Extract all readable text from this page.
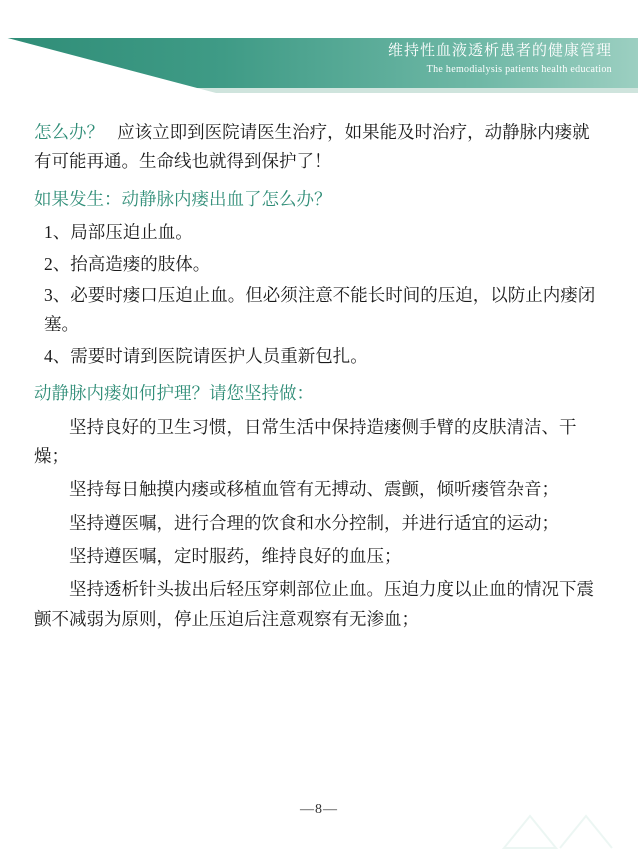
维持性血液透析患者的健康管理
The hemodialysis patients health education

怎么办？ 应该立即到医院请医生治疗，如果能及时治疗，动静脉内瘘就有可能再通。生命线也就得到保护了！

如果发生：动静脉内瘘出血了怎么办？

1、局部压迫止血。

2、抬高造瘘的肢体。

3、必要时瘘口压迫止血。但必须注意不能长时间的压迫，以防止内瘘闭塞。

4、需要时请到医院请医护人员重新包扎。

动静脉内瘘如何护理？请您坚持做：

坚持良好的卫生习惯，日常生活中保持造瘘侧手臂的皮肤清洁、干燥；

坚持每日触摸内瘘或移植血管有无搏动、震颤，倾听瘘管杂音；

坚持遵医嘱，进行合理的饮食和水分控制，并进行适宜的运动；

坚持遵医嘱，定时服药，维持良好的血压；

坚持透析针头拔出后轻压穿刺部位止血。压迫力度以止血的情况下震颤不减弱为原则，停止压迫后注意观察有无渗血；

—8—
